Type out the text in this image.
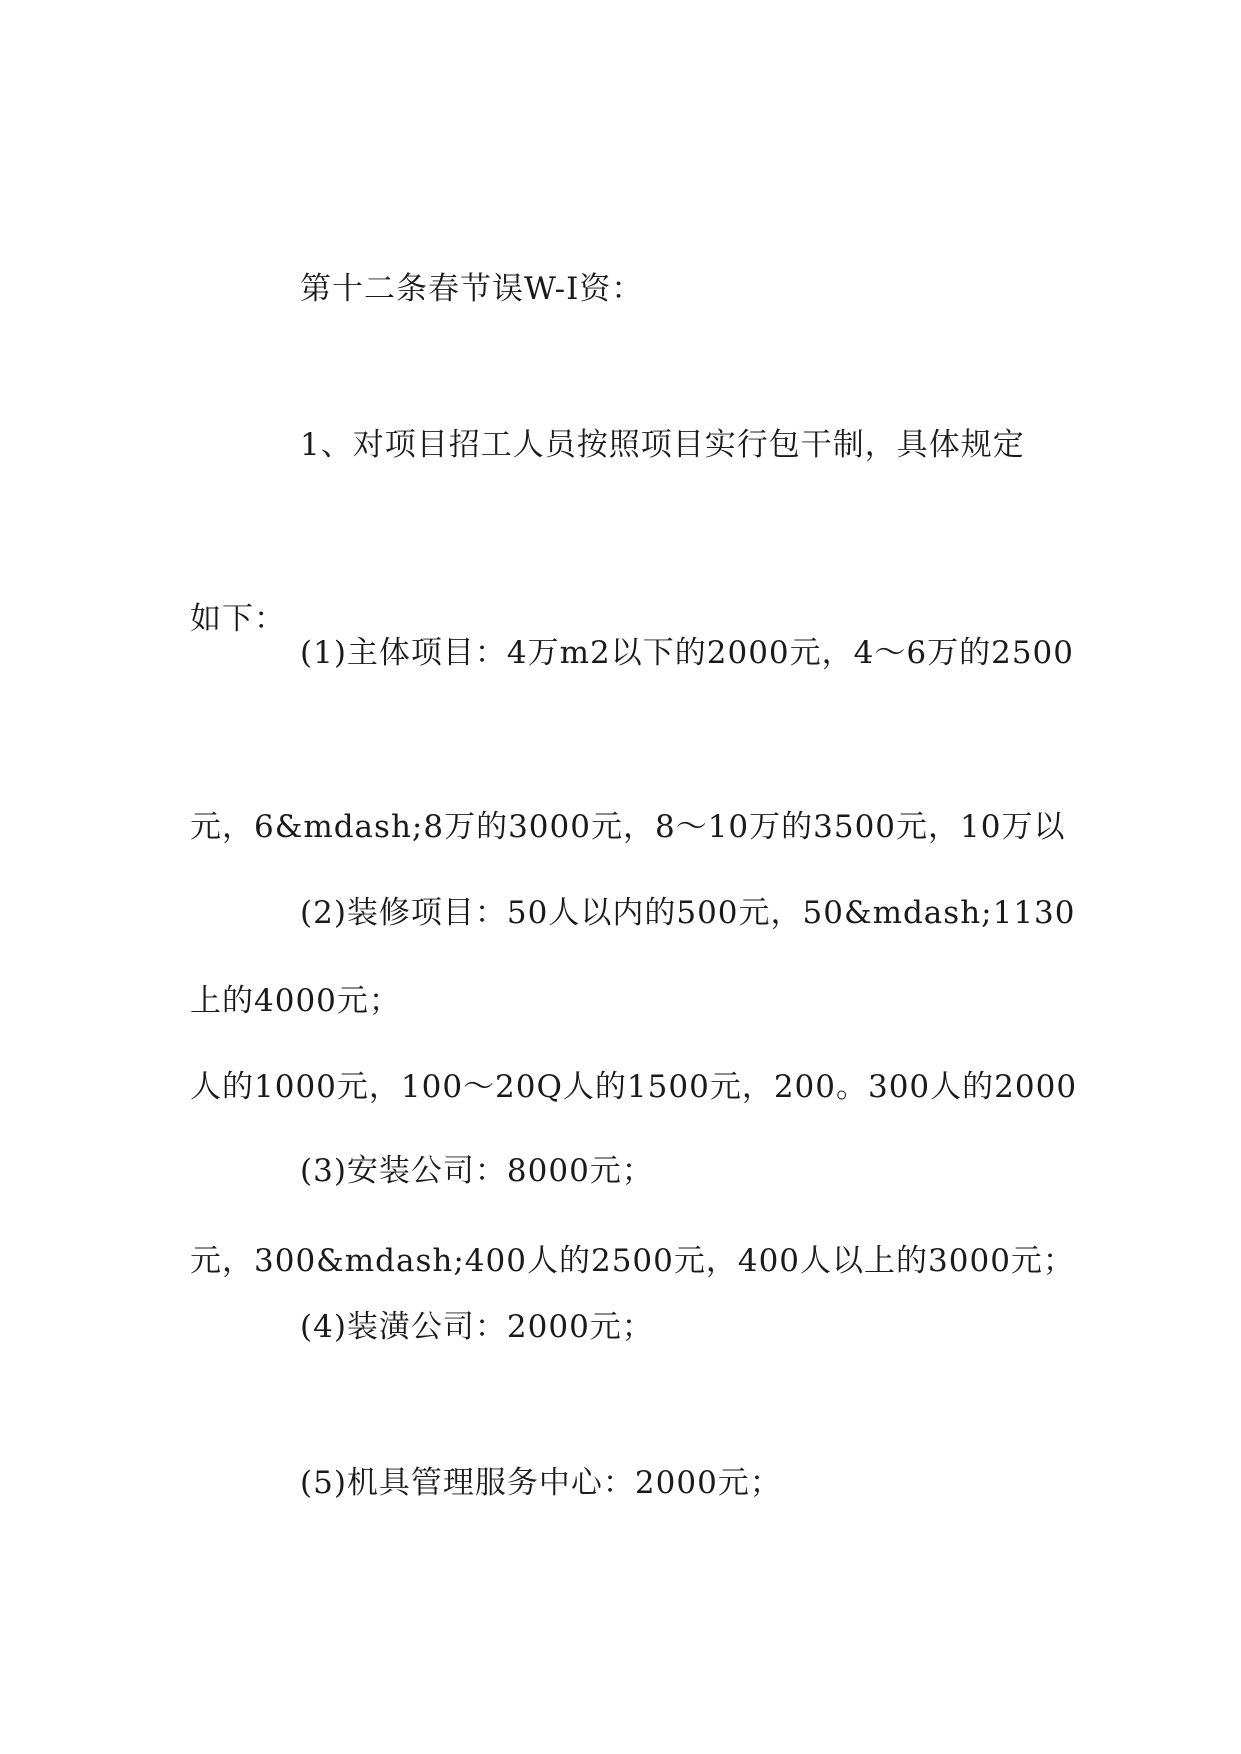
第十二条春节误W-I资：

1、对项目招工人员按照项目实行包干制，具体规定

如下：

(1)主体项目：4万m2以下的2000元，4～6万的2500

元，6&mdash;8万的3000元，8～10万的3500元，10万以

上的4000元；

(2)装修项目：50人以内的500元，50&mdash;1130

人的1000元，100～20Q人的1500元，200。300人的2000

元，300&mdash;400人的2500元，400人以上的3000元；

(3)安装公司：8000元；

(4)装潢公司：2000元；

(5)机具管理服务中心：2000元；
